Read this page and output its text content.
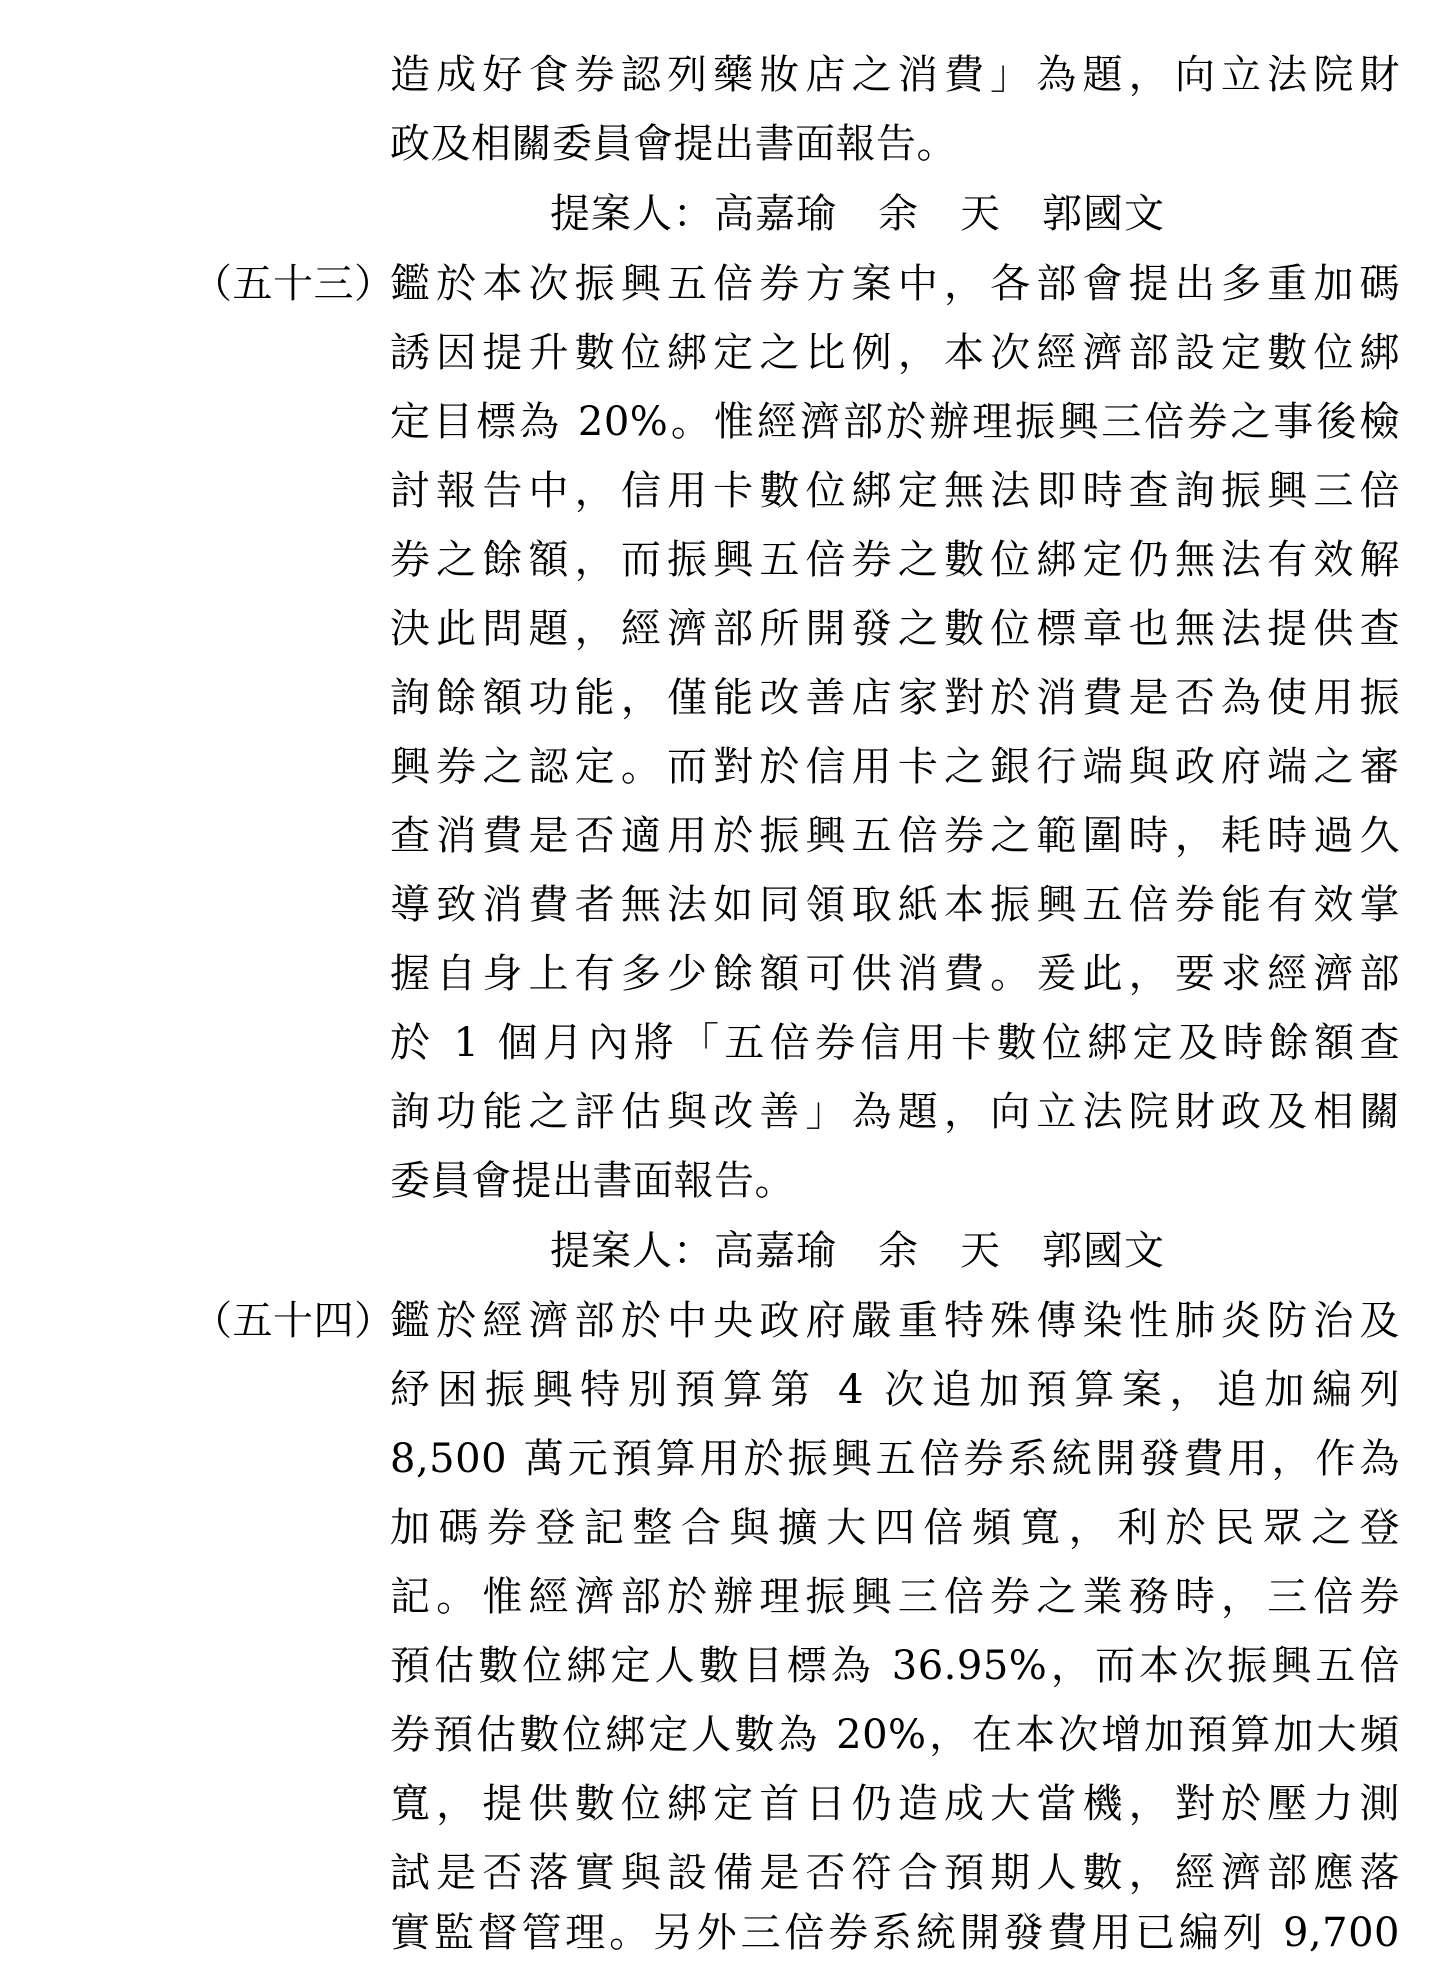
造成好食券認列藥妝店之消費」為題，向立法院財
政及相關委員會提出書面報告。
提案人：高嘉瑜　余　天　郭國文
（五十三）
鑑於本次振興五倍券方案中，各部會提出多重加碼
誘因提升數位綁定之比例，本次經濟部設定數位綁
定目標為 20%。惟經濟部於辦理振興三倍券之事後檢
討報告中，信用卡數位綁定無法即時查詢振興三倍
券之餘額，而振興五倍券之數位綁定仍無法有效解
決此問題，經濟部所開發之數位標章也無法提供查
詢餘額功能，僅能改善店家對於消費是否為使用振
興券之認定。而對於信用卡之銀行端與政府端之審
查消費是否適用於振興五倍券之範圍時，耗時過久
導致消費者無法如同領取紙本振興五倍券能有效掌
握自身上有多少餘額可供消費。爰此，要求經濟部
於 1 個月內將「五倍券信用卡數位綁定及時餘額查
詢功能之評估與改善」為題，向立法院財政及相關
委員會提出書面報告。
提案人：高嘉瑜　余　天　郭國文
（五十四）
鑑於經濟部於中央政府嚴重特殊傳染性肺炎防治及
紓困振興特別預算第 4 次追加預算案，追加編列
8,500 萬元預算用於振興五倍券系統開發費用，作為
加碼券登記整合與擴大四倍頻寬，利於民眾之登
記。惟經濟部於辦理振興三倍券之業務時，三倍券
預估數位綁定人數目標為 36.95%，而本次振興五倍
券預估數位綁定人數為 20%，在本次增加預算加大頻
寬，提供數位綁定首日仍造成大當機，對於壓力測
試是否落實與設備是否符合預期人數，經濟部應落
實監督管理。另外三倍券系統開發費用已編列 9,700
